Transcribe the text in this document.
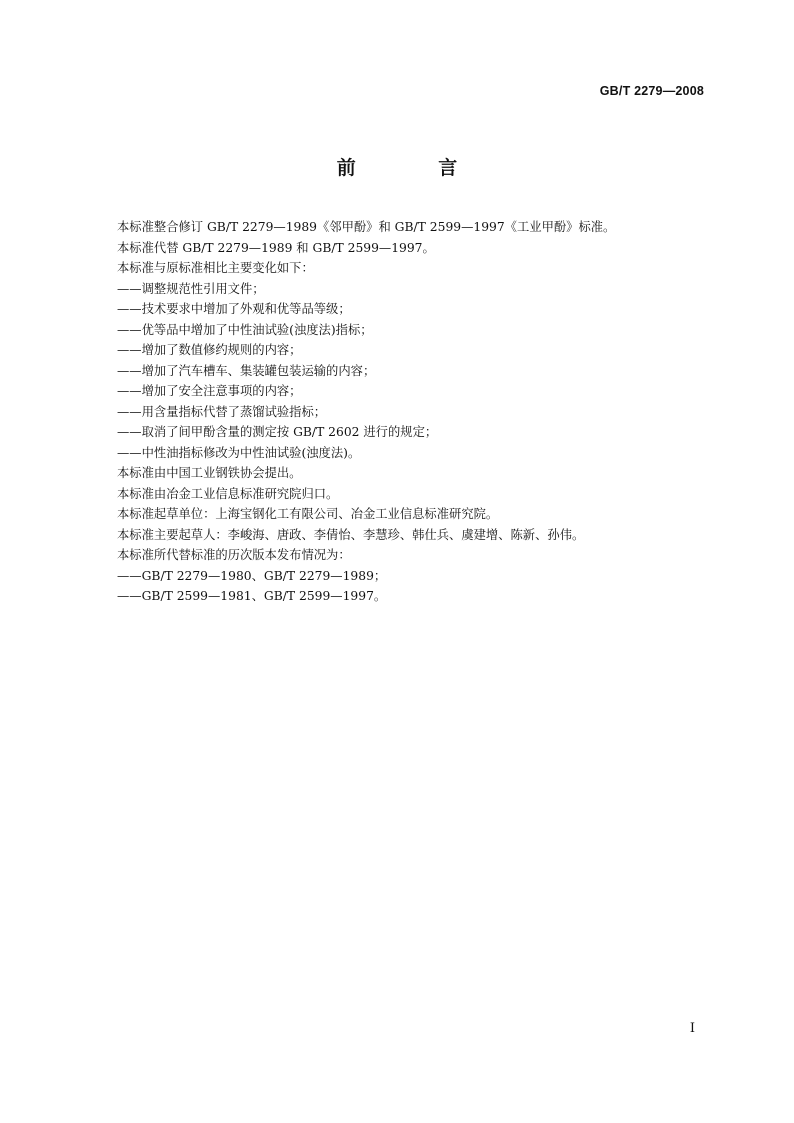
GB/T 2279—2008
前 言
本标准整合修订 GB/T 2279—1989《邻甲酚》和 GB/T 2599—1997《工业甲酚》标准。
本标准代替 GB/T 2279—1989 和 GB/T 2599—1997。
本标准与原标准相比主要变化如下：
——调整规范性引用文件；
——技术要求中增加了外观和优等品等级；
——优等品中增加了中性油试验(浊度法)指标；
——增加了数值修约规则的内容；
——增加了汽车槽车、集装罐包装运输的内容；
——增加了安全注意事项的内容；
——用含量指标代替了蒸馏试验指标；
——取消了间甲酚含量的测定按 GB/T 2602 进行的规定；
——中性油指标修改为中性油试验(浊度法)。
本标准由中国工业钢铁协会提出。
本标准由冶金工业信息标准研究院归口。
本标准起草单位：上海宝钢化工有限公司、冶金工业信息标准研究院。
本标准主要起草人：李峻海、唐政、李倩怡、李慧珍、韩仕兵、虞建增、陈新、孙伟。
本标准所代替标准的历次版本发布情况为：
——GB/T 2279—1980、GB/T 2279—1989；
——GB/T 2599—1981、GB/T 2599—1997。
I
